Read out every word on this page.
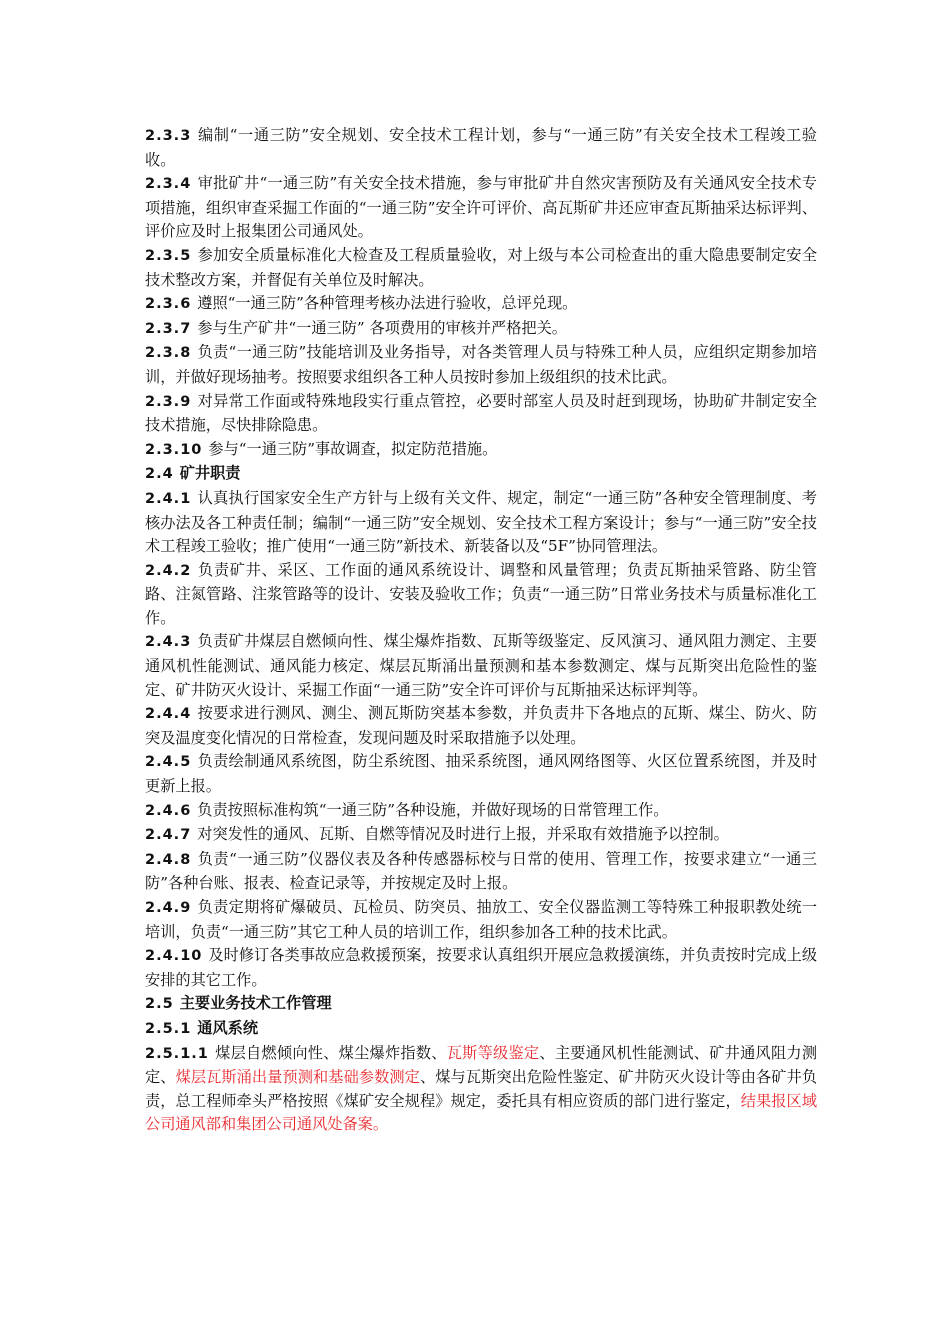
2.3.3 编制“一通三防”安全规划、安全技术工程计划，参与“一通三防”有关安全技术工程竣工验收。

2.3.4 审批矿井“一通三防”有关安全技术措施，参与审批矿井自然灾害预防及有关通风安全技术专项措施，组织审查采掘工作面的“一通三防”安全许可评价、高瓦斯矿井还应审查瓦斯抽采达标评判、评价应及时上报集团公司通风处。

2.3.5 参加安全质量标准化大检查及工程质量验收，对上级与本公司检查出的重大隐患要制定安全技术整改方案，并督促有关单位及时解决。

2.3.6 遵照“一通三防”各种管理考核办法进行验收，总评兑现。

2.3.7 参与生产矿井“一通三防” 各项费用的审核并严格把关。

2.3.8 负责“一通三防”技能培训及业务指导，对各类管理人员与特殊工种人员，应组织定期参加培训，并做好现场抽考。按照要求组织各工种人员按时参加上级组织的技术比武。

2.3.9 对异常工作面或特殊地段实行重点管控，必要时部室人员及时赶到现场，协助矿井制定安全技术措施，尽快排除隐患。

2.3.10 参与“一通三防”事故调查，拟定防范措施。

2.4 矿井职责

2.4.1 认真执行国家安全生产方针与上级有关文件、规定，制定“一通三防”各种安全管理制度、考核办法及各工种责任制；编制“一通三防”安全规划、安全技术工程方案设计；参与“一通三防”安全技术工程竣工验收；推广使用“一通三防”新技术、新装备以及“5F”协同管理法。

2.4.2 负责矿井、采区、工作面的通风系统设计、调整和风量管理；负责瓦斯抽采管路、防尘管路、注氮管路、注浆管路等的设计、安装及验收工作；负责“一通三防”日常业务技术与质量标准化工作。

2.4.3 负责矿井煤层自燃倾向性、煤尘爆炸指数、瓦斯等级鉴定、反风演习、通风阻力测定、主要通风机性能测试、通风能力核定、煤层瓦斯涌出量预测和基本参数测定、煤与瓦斯突出危险性的鉴定、矿井防灭火设计、采掘工作面“一通三防”安全许可评价与瓦斯抽采达标评判等。

2.4.4 按要求进行测风、测尘、测瓦斯防突基本参数，并负责井下各地点的瓦斯、煤尘、防火、防突及温度变化情况的日常检查，发现问题及时采取措施予以处理。

2.4.5 负责绘制通风系统图，防尘系统图、抽采系统图，通风网络图等、火区位置系统图，并及时更新上报。

2.4.6 负责按照标准构筑“一通三防”各种设施，并做好现场的日常管理工作。

2.4.7 对突发性的通风、瓦斯、自燃等情况及时进行上报，并采取有效措施予以控制。

2.4.8 负责“一通三防”仪器仪表及各种传感器标校与日常的使用、管理工作，按要求建立“一通三防”各种台账、报表、检查记录等，并按规定及时上报。

2.4.9 负责定期将矿爆破员、瓦检员、防突员、抽放工、安全仪器监测工等特殊工种报职教处统一培训，负责“一通三防”其它工种人员的培训工作，组织参加各工种的技术比武。

2.4.10 及时修订各类事故应急救援预案，按要求认真组织开展应急救援演练，并负责按时完成上级安排的其它工作。

2.5 主要业务技术工作管理

2.5.1 通风系统

2.5.1.1 煤层自燃倾向性、煤尘爆炸指数、瓦斯等级鉴定、主要通风机性能测试、矿井通风阻力测定、煤层瓦斯涌出量预测和基础参数测定、煤与瓦斯突出危险性鉴定、矿井防灭火设计等由各矿井负责，总工程师牵头严格按照《煤矿安全规程》规定，委托具有相应资质的部门进行鉴定，结果报区域公司通风部和集团公司通风处备案。
